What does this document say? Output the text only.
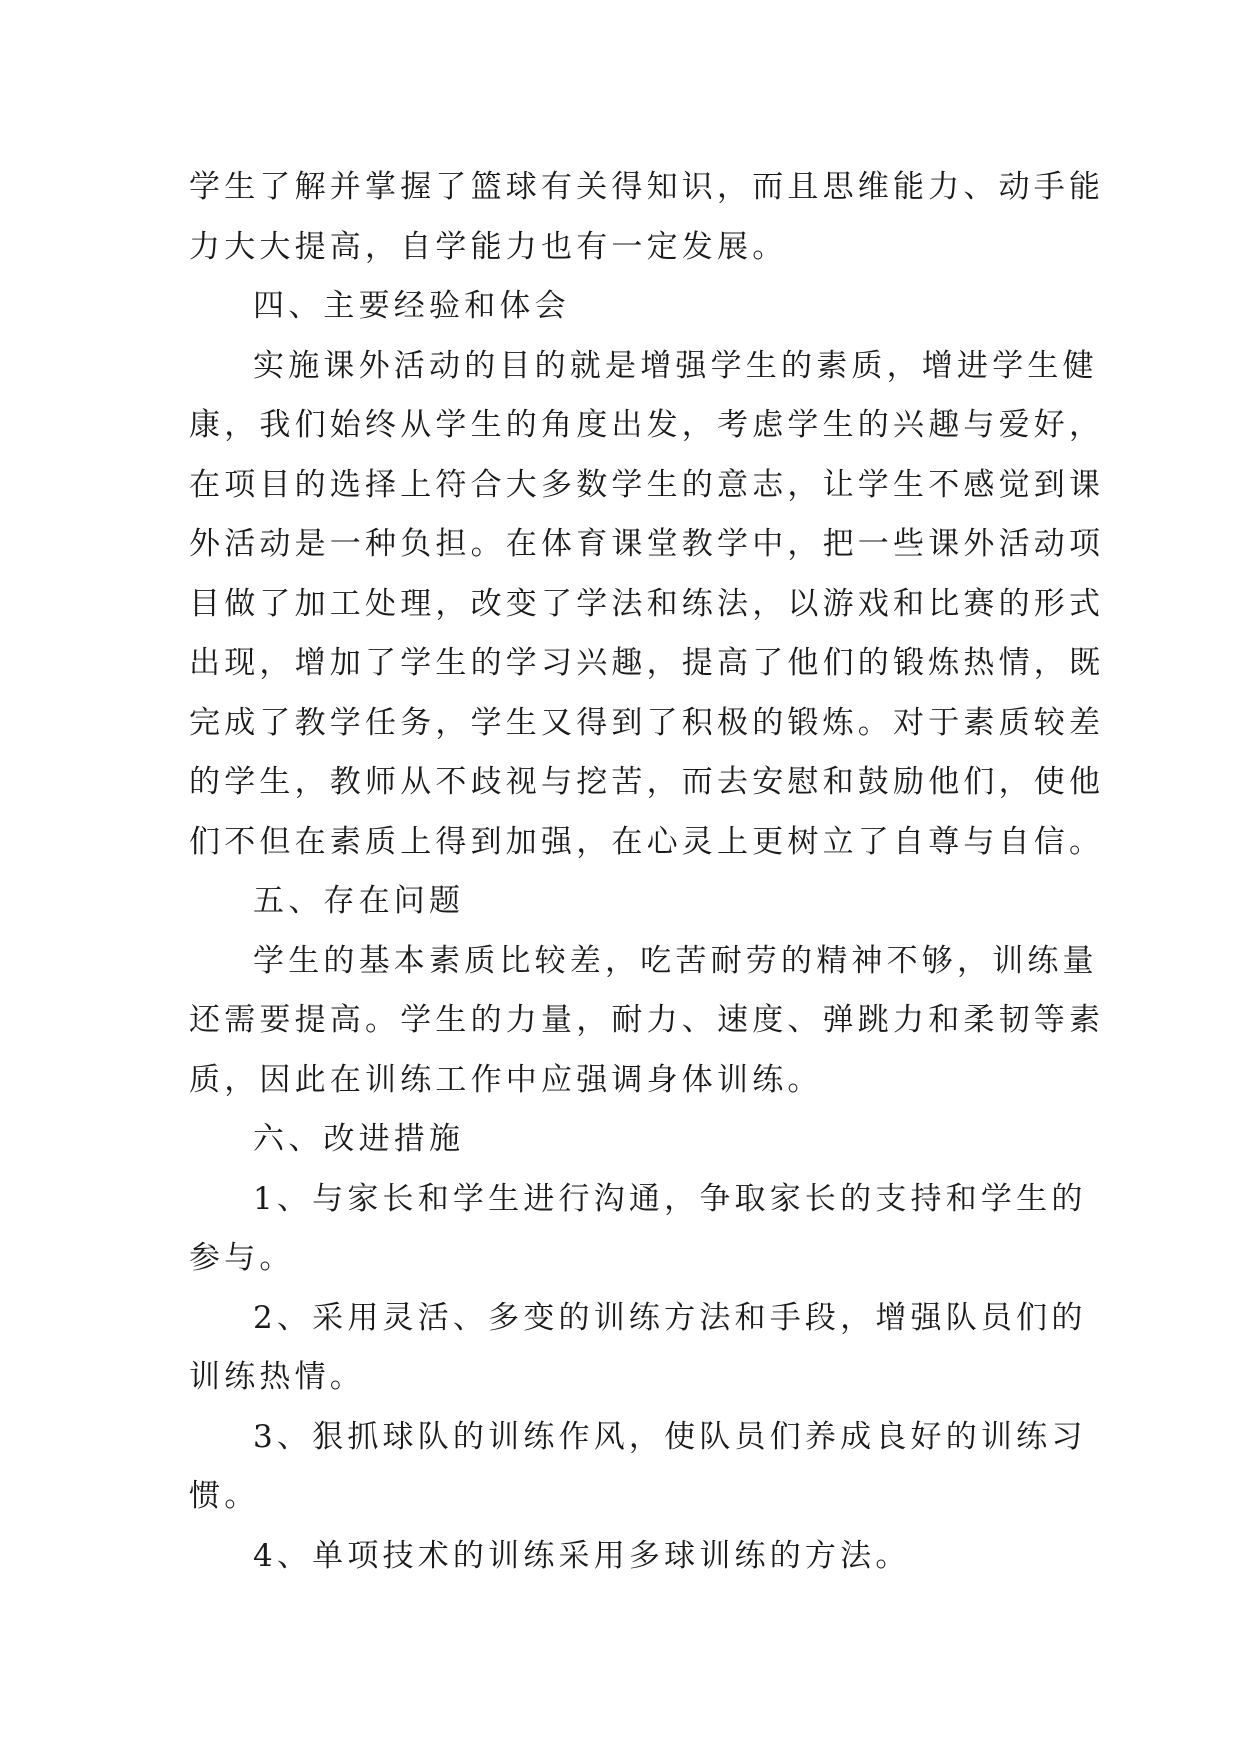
学生了解并掌握了篮球有关得知识，而且思维能力、动手能
力大大提高，自学能力也有一定发展。
四、主要经验和体会
实施课外活动的目的就是增强学生的素质，增进学生健
康，我们始终从学生的角度出发，考虑学生的兴趣与爱好，
在项目的选择上符合大多数学生的意志，让学生不感觉到课
外活动是一种负担。在体育课堂教学中，把一些课外活动项
目做了加工处理，改变了学法和练法，以游戏和比赛的形式
出现，增加了学生的学习兴趣，提高了他们的锻炼热情，既
完成了教学任务，学生又得到了积极的锻炼。对于素质较差
的学生，教师从不歧视与挖苦，而去安慰和鼓励他们，使他
们不但在素质上得到加强，在心灵上更树立了自尊与自信。
五、存在问题
学生的基本素质比较差，吃苦耐劳的精神不够，训练量
还需要提高。学生的力量，耐力、速度、弹跳力和柔韧等素
质，因此在训练工作中应强调身体训练。
六、改进措施
1、与家长和学生进行沟通，争取家长的支持和学生的
参与。
2、采用灵活、多变的训练方法和手段，增强队员们的
训练热情。
3、狠抓球队的训练作风，使队员们养成良好的训练习
惯。
4、单项技术的训练采用多球训练的方法。
